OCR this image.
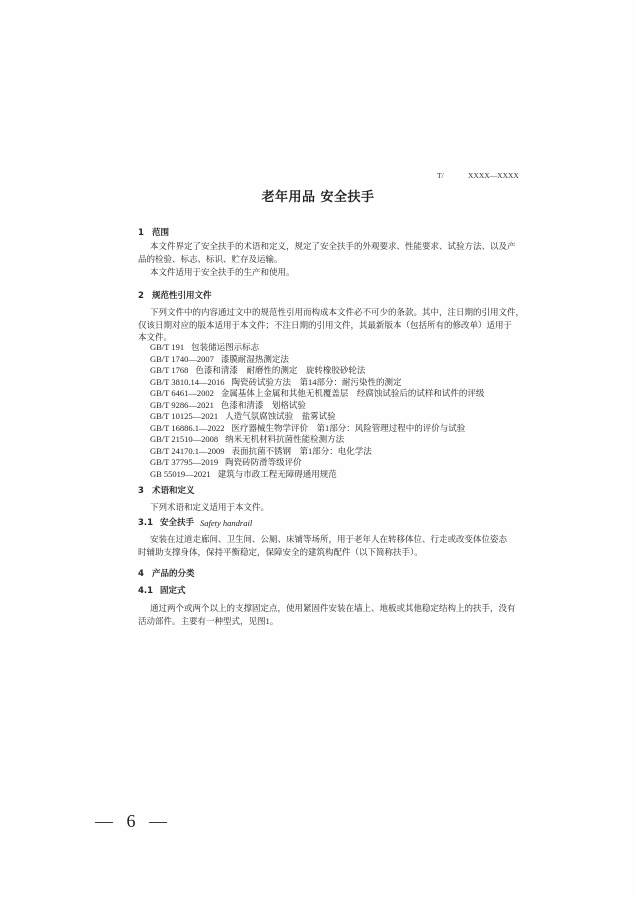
T/	XXXX—XXXX
老年用品 安全扶手
1 范围
本文件界定了安全扶手的术语和定义，规定了安全扶手的外观要求、性能要求、试验方法、以及产
品的检验、标志、标识、贮存及运输。
本文件适用于安全扶手的生产和使用。
2 规范性引用文件
下列文件中的内容通过文中的规范性引用而构成本文件必不可少的条款。其中，注日期的引用文件，
仅该日期对应的版本适用于本文件；不注日期的引用文件，其最新版本（包括所有的修改单）适用于
本文件。
GB/T 191 包装储运图示标志
GB/T 1740—2007 漆膜耐湿热测定法
GB/T 1768 色漆和清漆　耐磨性的测定　旋转橡胶砂轮法
GB/T 3810.14—2016 陶瓷砖试验方法　第14部分：耐污染性的测定
GB/T 6461—2002 金属基体上金属和其他无机覆盖层　经腐蚀试验后的试样和试件的评级
GB/T 9286—2021 色漆和清漆　划格试验
GB/T 10125—2021 人造气氛腐蚀试验　盐雾试验
GB/T 16886.1—2022 医疗器械生物学评价　第1部分：风险管理过程中的评价与试验
GB/T 21510—2008 纳米无机材料抗菌性能检测方法
GB/T 24170.1—2009 表面抗菌不锈钢　第1部分：电化学法
GB/T 37795—2019 陶瓷砖防滑等级评价
GB 55019—2021 建筑与市政工程无障碍通用规范
3 术语和定义
下列术语和定义适用于本文件。
3.1 安全扶手 Safety handrail
安装在过道走廊间、卫生间、公厕、床铺等场所，用于老年人在转移体位、行走或改变体位姿态
时辅助支撑身体，保持平衡稳定，保障安全的建筑构配件（以下简称扶手）。
4 产品的分类
4.1 固定式
通过两个或两个以上的支撑固定点，使用紧固件安装在墙上、地板或其他稳定结构上的扶手，没有
活动部件。主要有一种型式，见图1。
— 6 —
